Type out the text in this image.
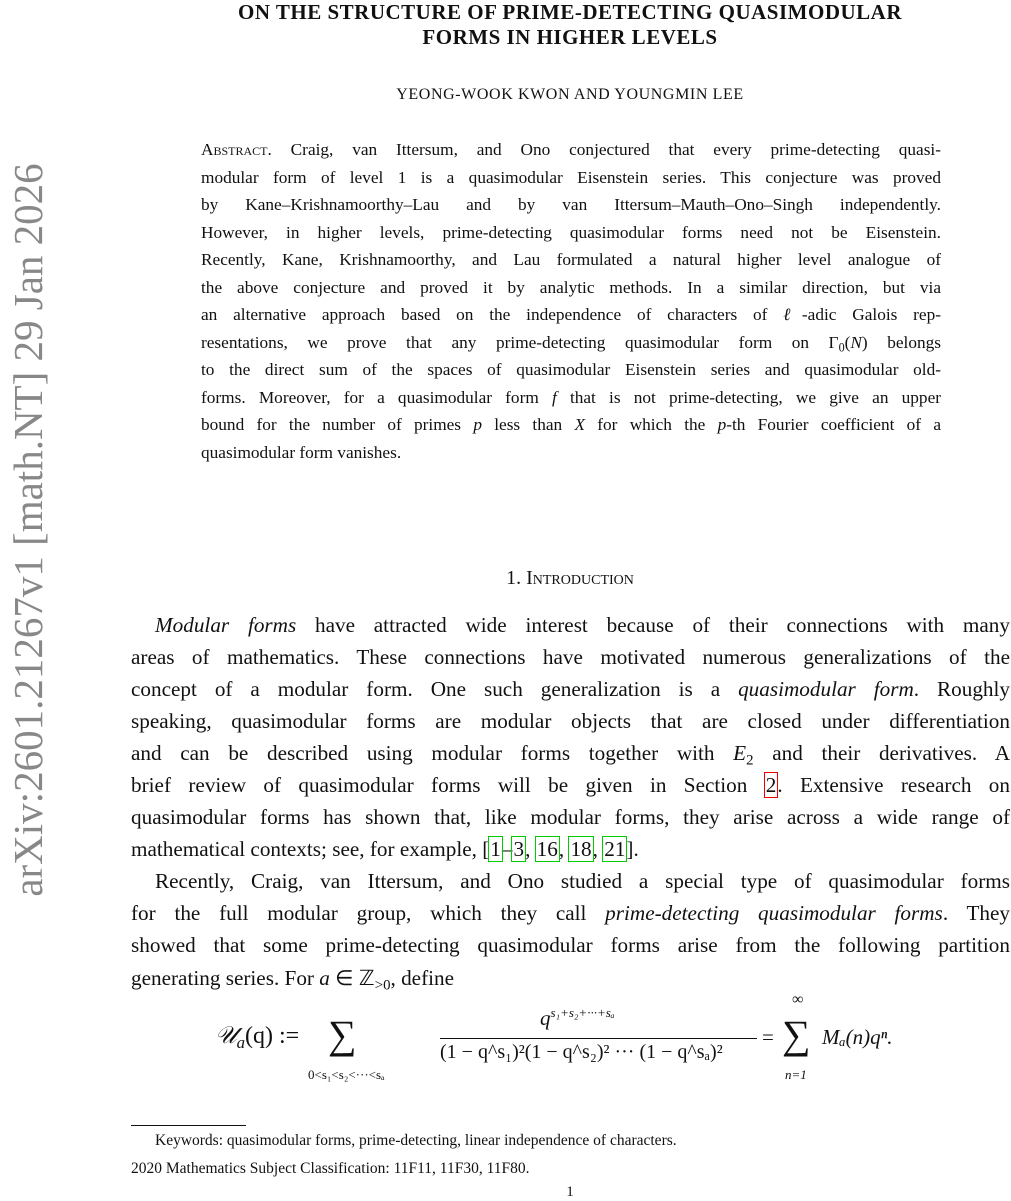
arXiv:2601.21267v1 [math.NT] 29 Jan 2026
ON THE STRUCTURE OF PRIME-DETECTING QUASIMODULAR
FORMS IN HIGHER LEVELS
YEONG-WOOK KWON AND YOUNGMIN LEE
Abstract. Craig, van Ittersum, and Ono conjectured that every prime-detecting quasi-
modular form of level 1 is a quasimodular Eisenstein series. This conjecture was proved
by Kane–Krishnamoorthy–Lau and by van Ittersum–Mauth–Ono–Singh independently.
However, in higher levels, prime-detecting quasimodular forms need not be Eisenstein.
Recently, Kane, Krishnamoorthy, and Lau formulated a natural higher level analogue of
the above conjecture and proved it by analytic methods. In a similar direction, but via
an alternative approach based on the independence of characters of ℓ-adic Galois rep-
resentations, we prove that any prime-detecting quasimodular form on $\Gamma_0(N)$ belongs
to the direct sum of the spaces of quasimodular Eisenstein series and quasimodular old-
forms. Moreover, for a quasimodular form f that is not prime-detecting, we give an upper
bound for the number of primes p less than X for which the p-th Fourier coefficient of a
quasimodular form vanishes.
1. Introduction
Modular forms have attracted wide interest because of their connections with many
areas of mathematics. These connections have motivated numerous generalizations of the
concept of a modular form. One such generalization is a quasimodular form. Roughly
speaking, quasimodular forms are modular objects that are closed under differentiation
and can be described using modular forms together with $E_2$ and their derivatives. A
brief review of quasimodular forms will be given in Section 2. Extensive research on
quasimodular forms has shown that, like modular forms, they arise across a wide range of
mathematical contexts; see, for example, [1–3, 16, 18, 21].
Recently, Craig, van Ittersum, and Ono studied a special type of quasimodular forms
for the full modular group, which they call prime-detecting quasimodular forms. They
showed that some prime-detecting quasimodular forms arise from the following partition
generating series. For a ∈ ℤ$_{>0}$, define
𝒰$_a$(q) := ∑
0<s₁<s₂<···<sₐ
$q^{s_1+s_2+\cdot\cdot\cdot+s_a}$
(1 − q^s₁)²(1 − q^s₂)² ··· (1 − q^sₐ)²
=
∞
∑
n=1
Mₐ(n)qⁿ.
Keywords: quasimodular forms, prime-detecting, linear independence of characters.
2020 Mathematics Subject Classification: 11F11, 11F30, 11F80.
1
